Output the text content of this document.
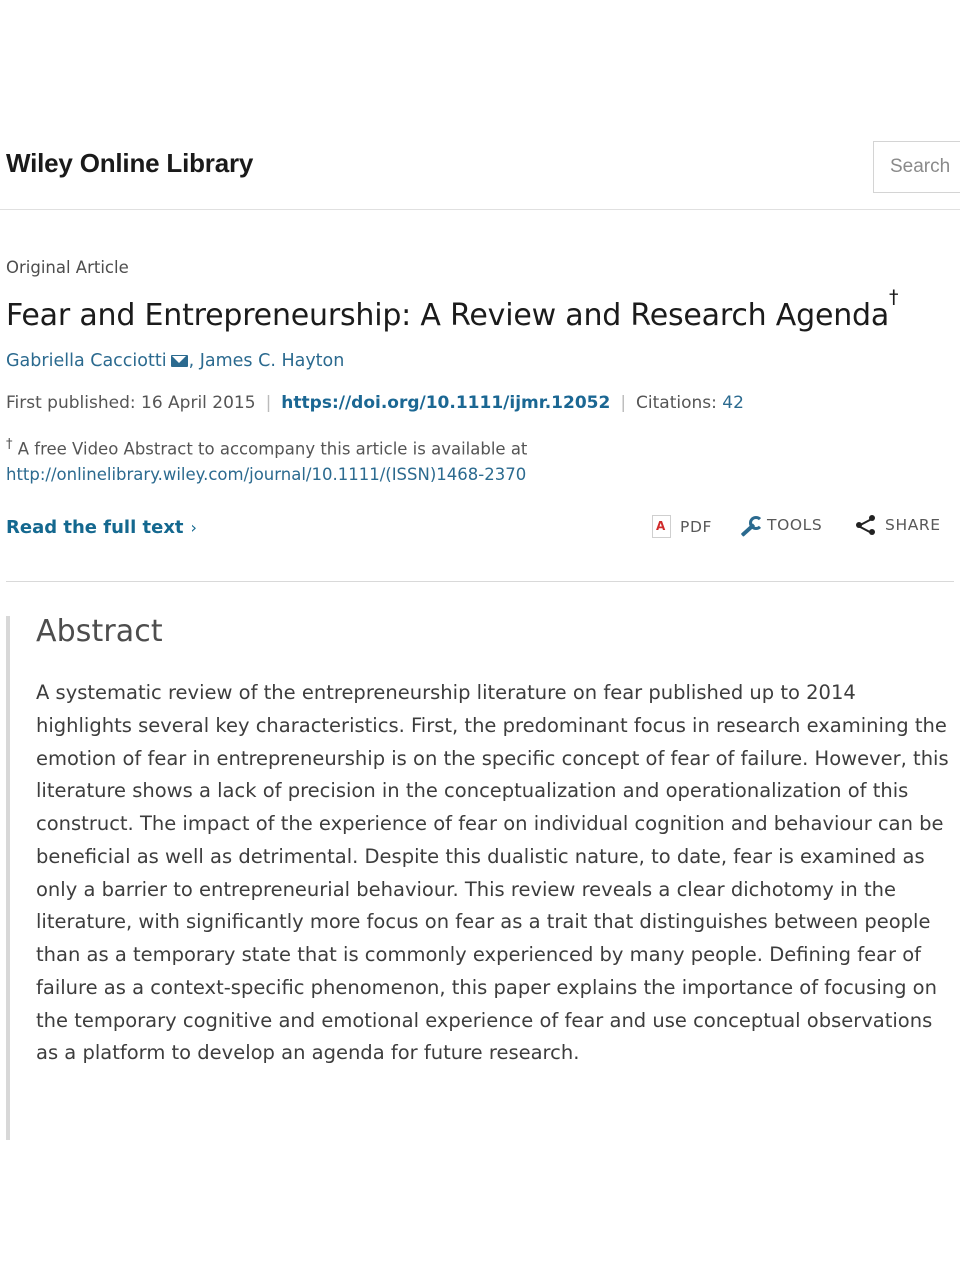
Wiley Online Library
Search
Original Article
Fear and Entrepreneurship: A Review and Research Agenda†
Gabriella Cacciotti , James C. Hayton
First published: 16 April 2015 | https://doi.org/10.1111/ijmr.12052 | Citations: 42
† A free Video Abstract to accompany this article is available at
http://onlinelibrary.wiley.com/journal/10.1111/(ISSN)1468-2370
Read the full text › A	PDF	TOOLS	SHARE
Abstract

A systematic review of the entrepreneurship literature on fear published up to 2014 highlights several key characteristics. First, the predominant focus in research examining the emotion of fear in entrepreneurship is on the specific concept of fear of failure. However, this literature shows a lack of precision in the conceptualization and operationalization of this construct. The impact of the experience of fear on individual cognition and behaviour can be beneficial as well as detrimental. Despite this dualistic nature, to date, fear is examined as only a barrier to entrepreneurial behaviour. This review reveals a clear dichotomy in the literature, with significantly more focus on fear as a trait that distinguishes between people than as a temporary state that is commonly experienced by many people. Defining fear of failure as a context-specific phenomenon, this paper explains the importance of focusing on the temporary cognitive and emotional experience of fear and use conceptual observations as a platform to develop an agenda for future research.
